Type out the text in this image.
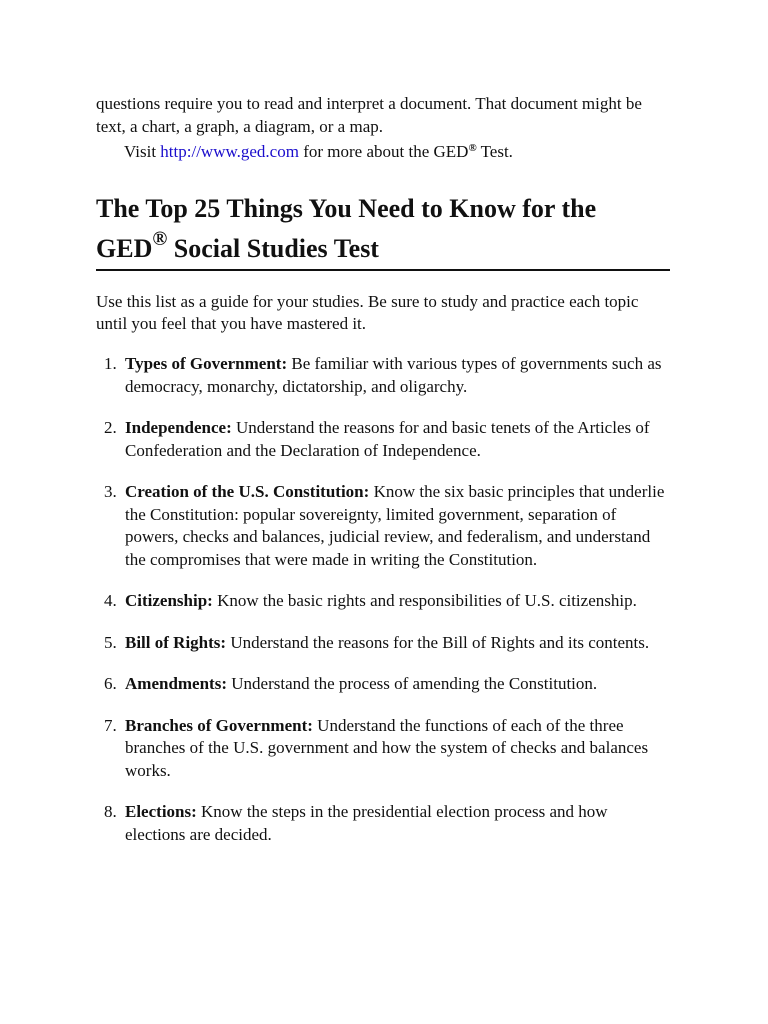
questions require you to read and interpret a document. That document might be text, a chart, a graph, a diagram, or a map.

Visit http://www.ged.com for more about the GED® Test.

The Top 25 Things You Need to Know for the
GED® Social Studies Test

Use this list as a guide for your studies. Be sure to study and practice each topic until you feel that you have mastered it.

1. Types of Government: Be familiar with various types of governments such as democracy, monarchy, dictatorship, and oligarchy.
2. Independence: Understand the reasons for and basic tenets of the Articles of Confederation and the Declaration of Independence.
3. Creation of the U.S. Constitution: Know the six basic principles that underlie the Constitution: popular sovereignty, limited government, separation of powers, checks and balances, judicial review, and federalism, and understand the compromises that were made in writing the Constitution.
4. Citizenship: Know the basic rights and responsibilities of U.S. citizenship.
5. Bill of Rights: Understand the reasons for the Bill of Rights and its contents.
6. Amendments: Understand the process of amending the Constitution.
7. Branches of Government: Understand the functions of each of the three branches of the U.S. government and how the system of checks and balances works.
8. Elections: Know the steps in the presidential election process and how elections are decided.
